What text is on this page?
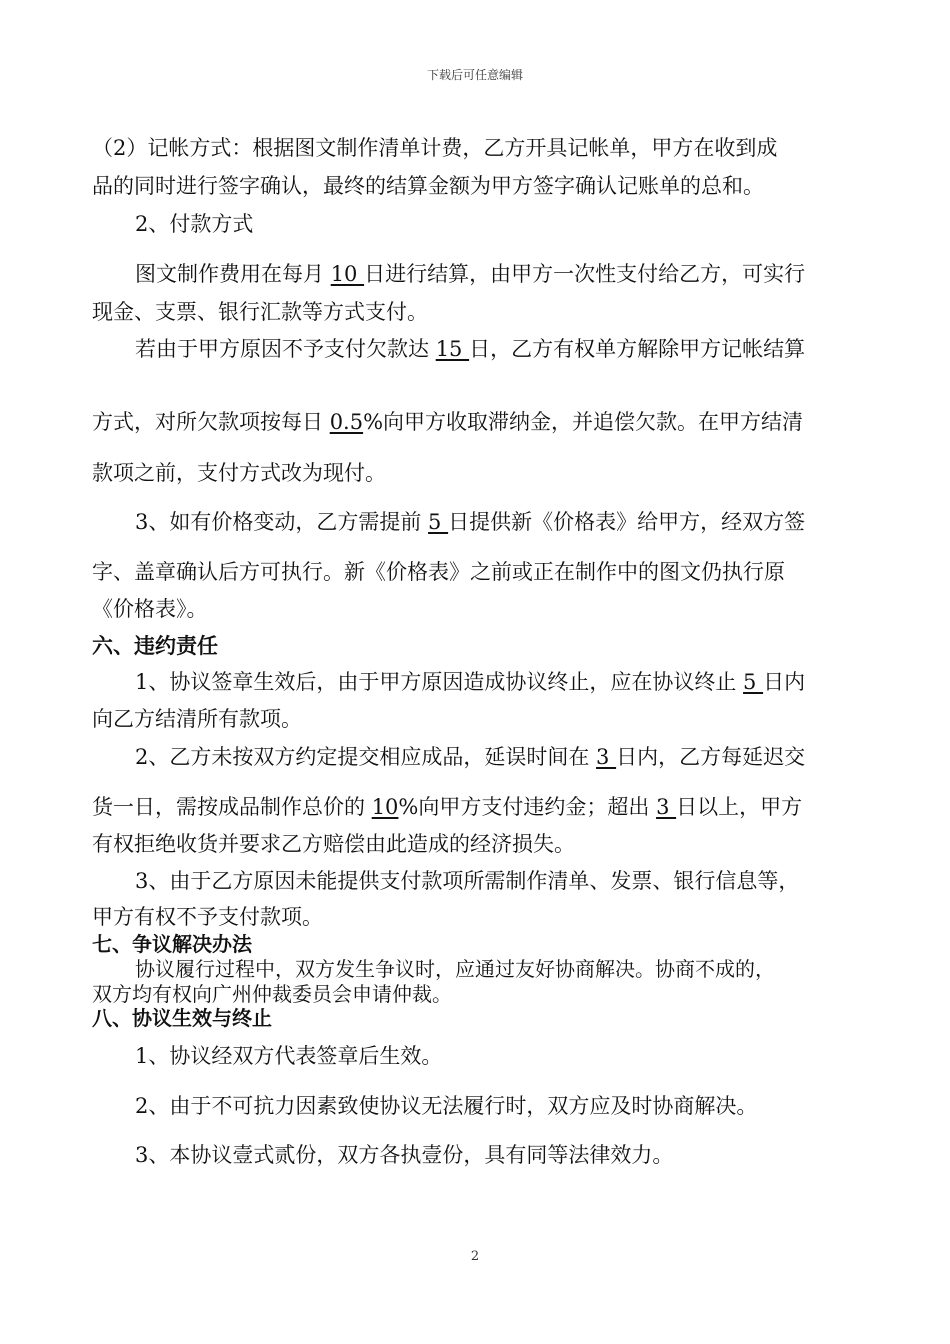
下载后可任意编辑
（2）记帐方式：根据图文制作清单计费，乙方开具记帐单，甲方在收到成
品的同时进行签字确认，最终的结算金额为甲方签字确认记账单的总和。
2、付款方式
图文制作费用在每月 10 日进行结算，由甲方一次性支付给乙方，可实行
现金、支票、银行汇款等方式支付。
若由于甲方原因不予支付欠款达 15 日，乙方有权单方解除甲方记帐结算
方式，对所欠款项按每日 0.5%向甲方收取滞纳金，并追偿欠款。在甲方结清
款项之前，支付方式改为现付。
3、如有价格变动，乙方需提前 5 日提供新《价格表》给甲方，经双方签
字、盖章确认后方可执行。新《价格表》之前或正在制作中的图文仍执行原
《价格表》。
六、违约责任
1、协议签章生效后，由于甲方原因造成协议终止，应在协议终止 5 日内
向乙方结清所有款项。
2、乙方未按双方约定提交相应成品，延误时间在 3 日内，乙方每延迟交
货一日，需按成品制作总价的 10%向甲方支付违约金；超出 3 日以上，甲方
有权拒绝收货并要求乙方赔偿由此造成的经济损失。
3、由于乙方原因未能提供支付款项所需制作清单、发票、银行信息等，
甲方有权不予支付款项。
七、争议解决办法
协议履行过程中，双方发生争议时，应通过友好协商解决。协商不成的，
双方均有权向广州仲裁委员会申请仲裁。
八、协议生效与终止
1、协议经双方代表签章后生效。
2、由于不可抗力因素致使协议无法履行时，双方应及时协商解决。
3、本协议壹式贰份，双方各执壹份，具有同等法律效力。
2
